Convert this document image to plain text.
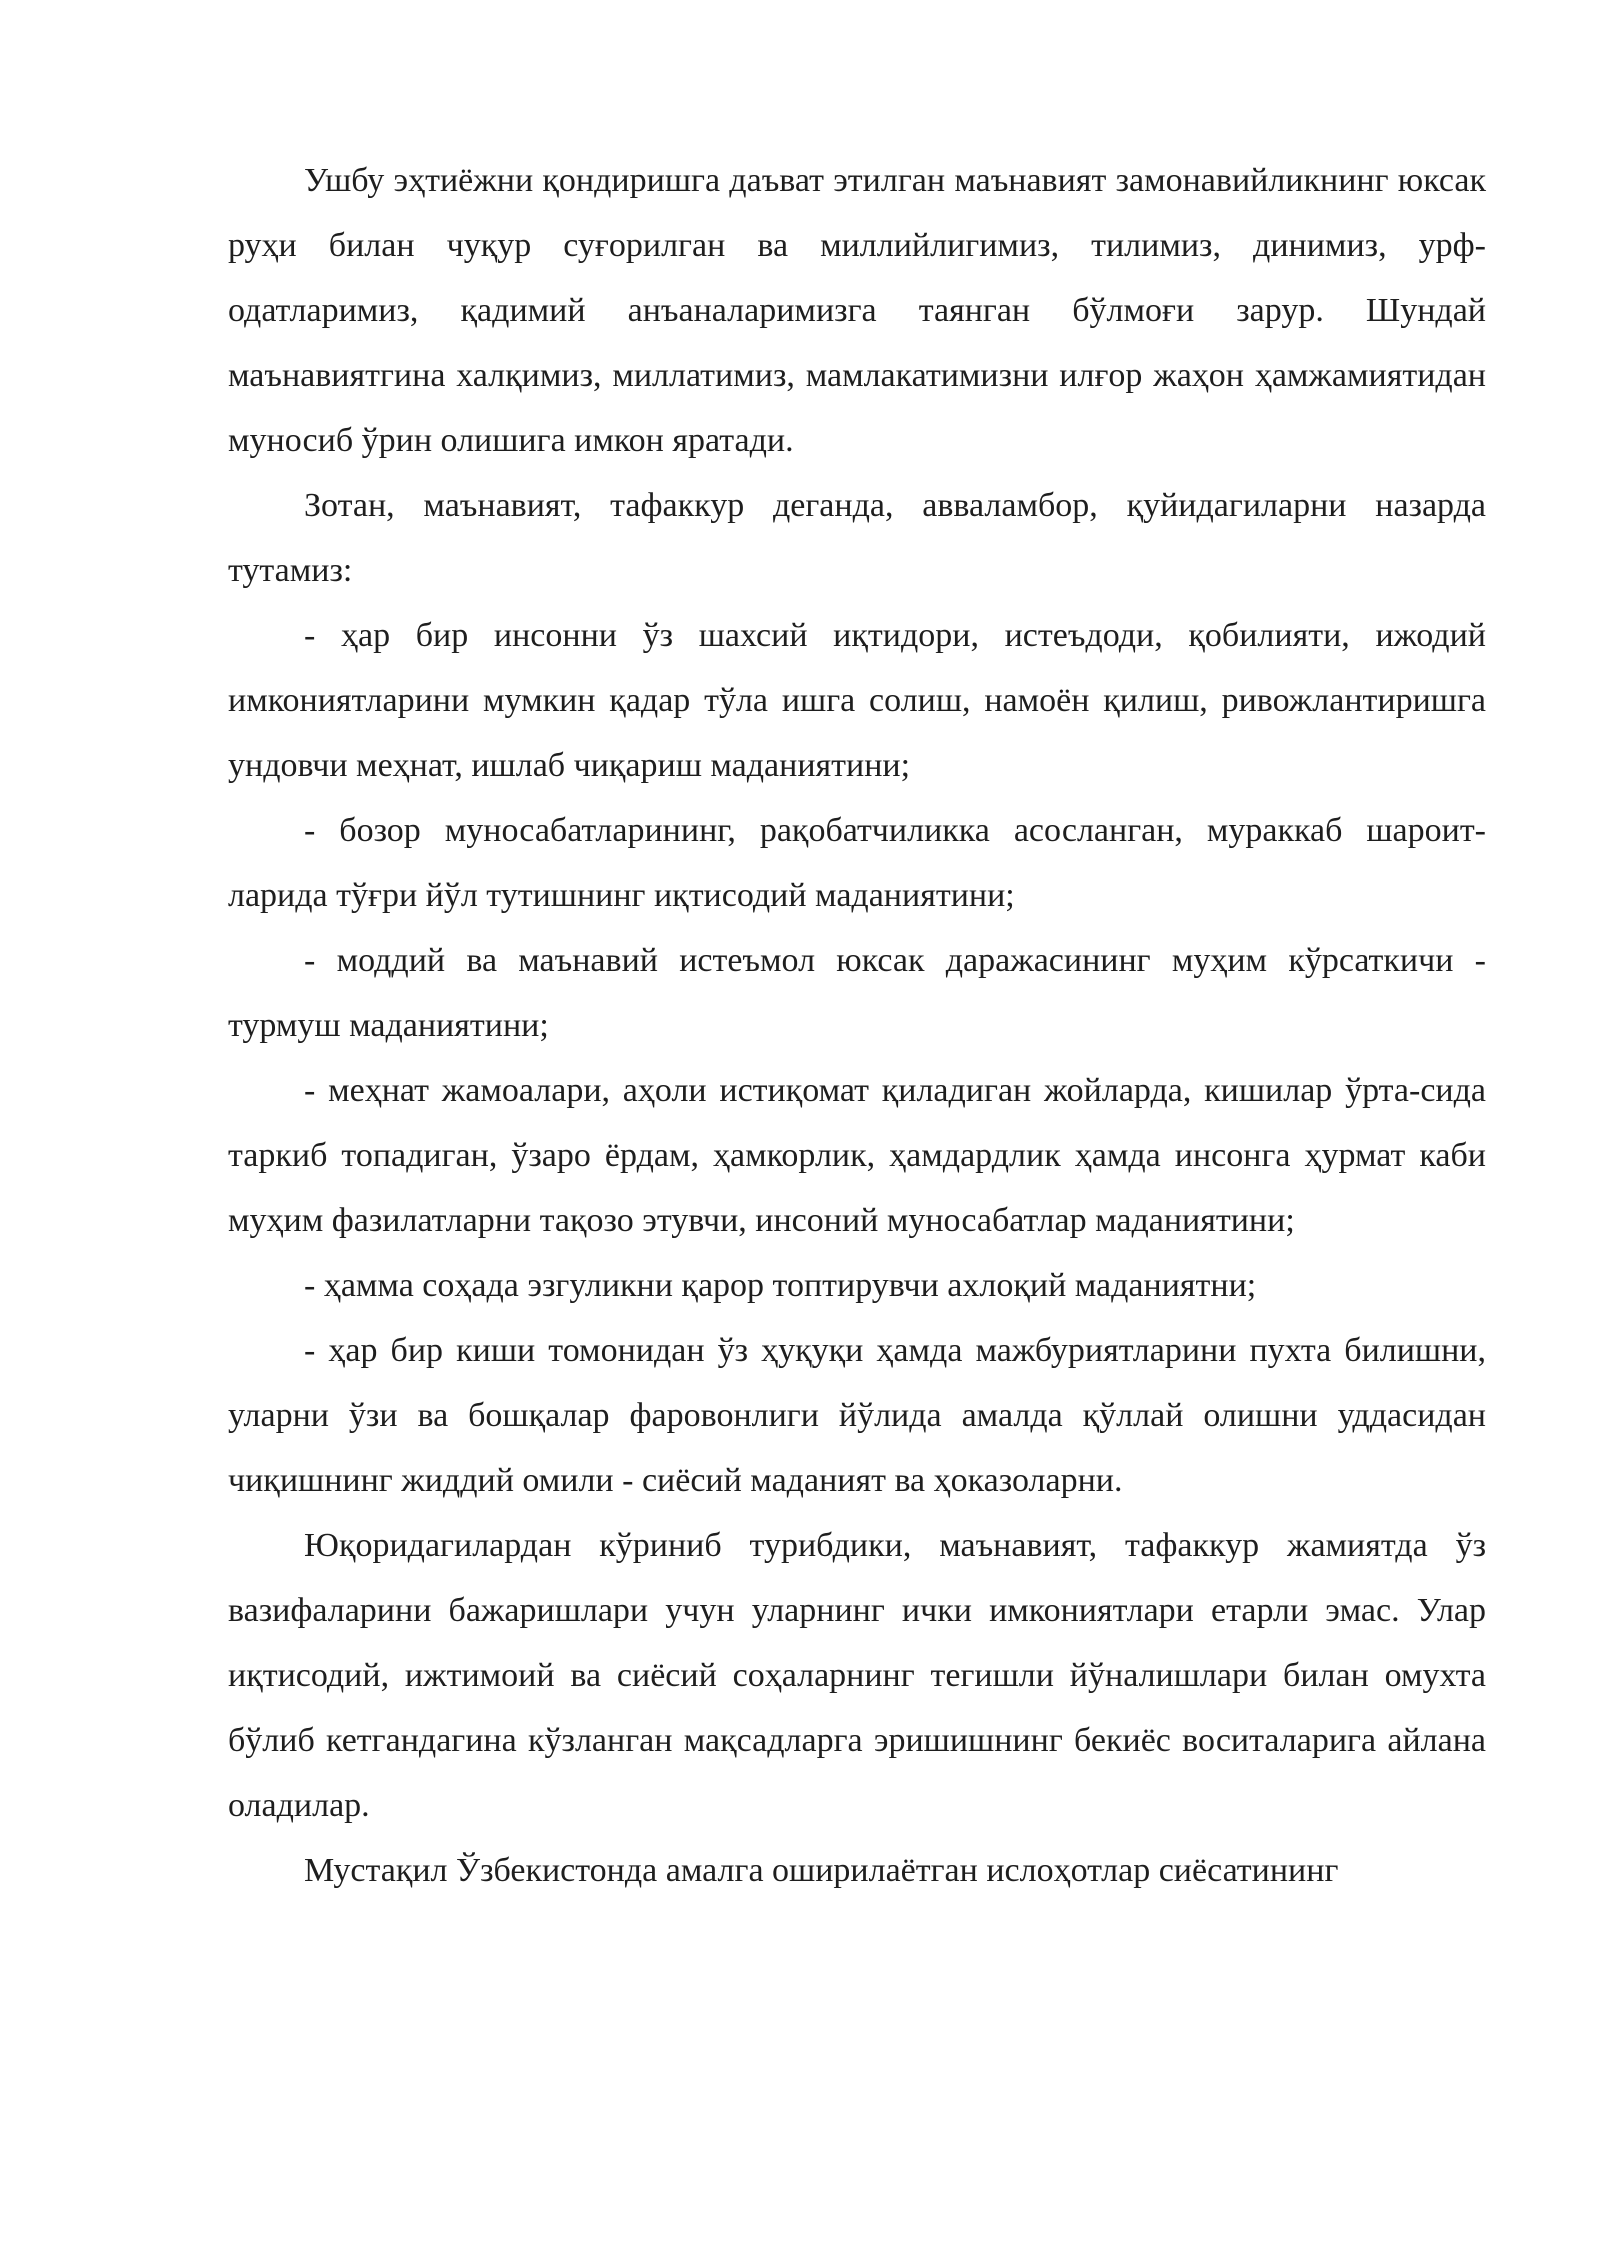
Ушбу эҳтиёжни қондиришга даъват этилган маънавият замонавийликнинг юксак руҳи билан чуқур суғорилган ва миллийлигимиз, тилимиз, динимиз, урф-одатларимиз, қадимий анъаналаримизга таянган бўлмоғи зарур. Шундай маънавиятгина халқимиз, миллатимиз, мамлакатимизни илғор жаҳон ҳамжамиятидан муносиб ўрин олишига имкон яратади.

Зотан, маънавият, тафаккур деганда, авваламбор, қуйидагиларни назарда тутамиз:

- ҳар бир инсонни ўз шахсий иқтидори, истеъдоди, қобилияти, ижодий имкониятларини мумкин қадар тўла ишга солиш, намоён қилиш, ривожлантиришга ундовчи меҳнат, ишлаб чиқариш маданиятини;

- бозор муносабатларининг, рақобатчиликка асосланган, мураккаб шароит-ларида тўғри йўл тутишнинг иқтисодий маданиятини;

- моддий ва маънавий истеъмол юксак даражасининг муҳим кўрсаткичи - турмуш маданиятини;

- меҳнат жамоалари, аҳоли истиқомат қиладиган жойларда, кишилар ўрта-сида таркиб топадиган, ўзаро ёрдам, ҳамкорлик, ҳамдардлик ҳамда инсонга ҳурмат каби муҳим фазилатларни тақозо этувчи, инсоний муносабатлар маданиятини;

- ҳамма соҳада эзгуликни қарор топтирувчи ахлоқий маданиятни;

- ҳар бир киши томонидан ўз ҳуқуқи ҳамда мажбуриятларини пухта билишни, уларни ўзи ва бошқалар фаровонлиги йўлида амалда қўллай олишни уддасидан чиқишнинг жиддий омили - сиёсий маданият ва ҳоказоларни.

Юқоридагилардан кўриниб турибдики, маънавият, тафаккур жамиятда ўз вазифаларини бажаришлари учун уларнинг ички имкониятлари етарли эмас. Улар иқтисодий, ижтимоий ва сиёсий соҳаларнинг тегишли йўналишлари билан омухта бўлиб кетгандагина кўзланган мақсадларга эришишнинг бекиёс воситаларига айлана оладилар.

Мустақил Ўзбекистонда амалга оширилаётган ислоҳотлар сиёсатининг
